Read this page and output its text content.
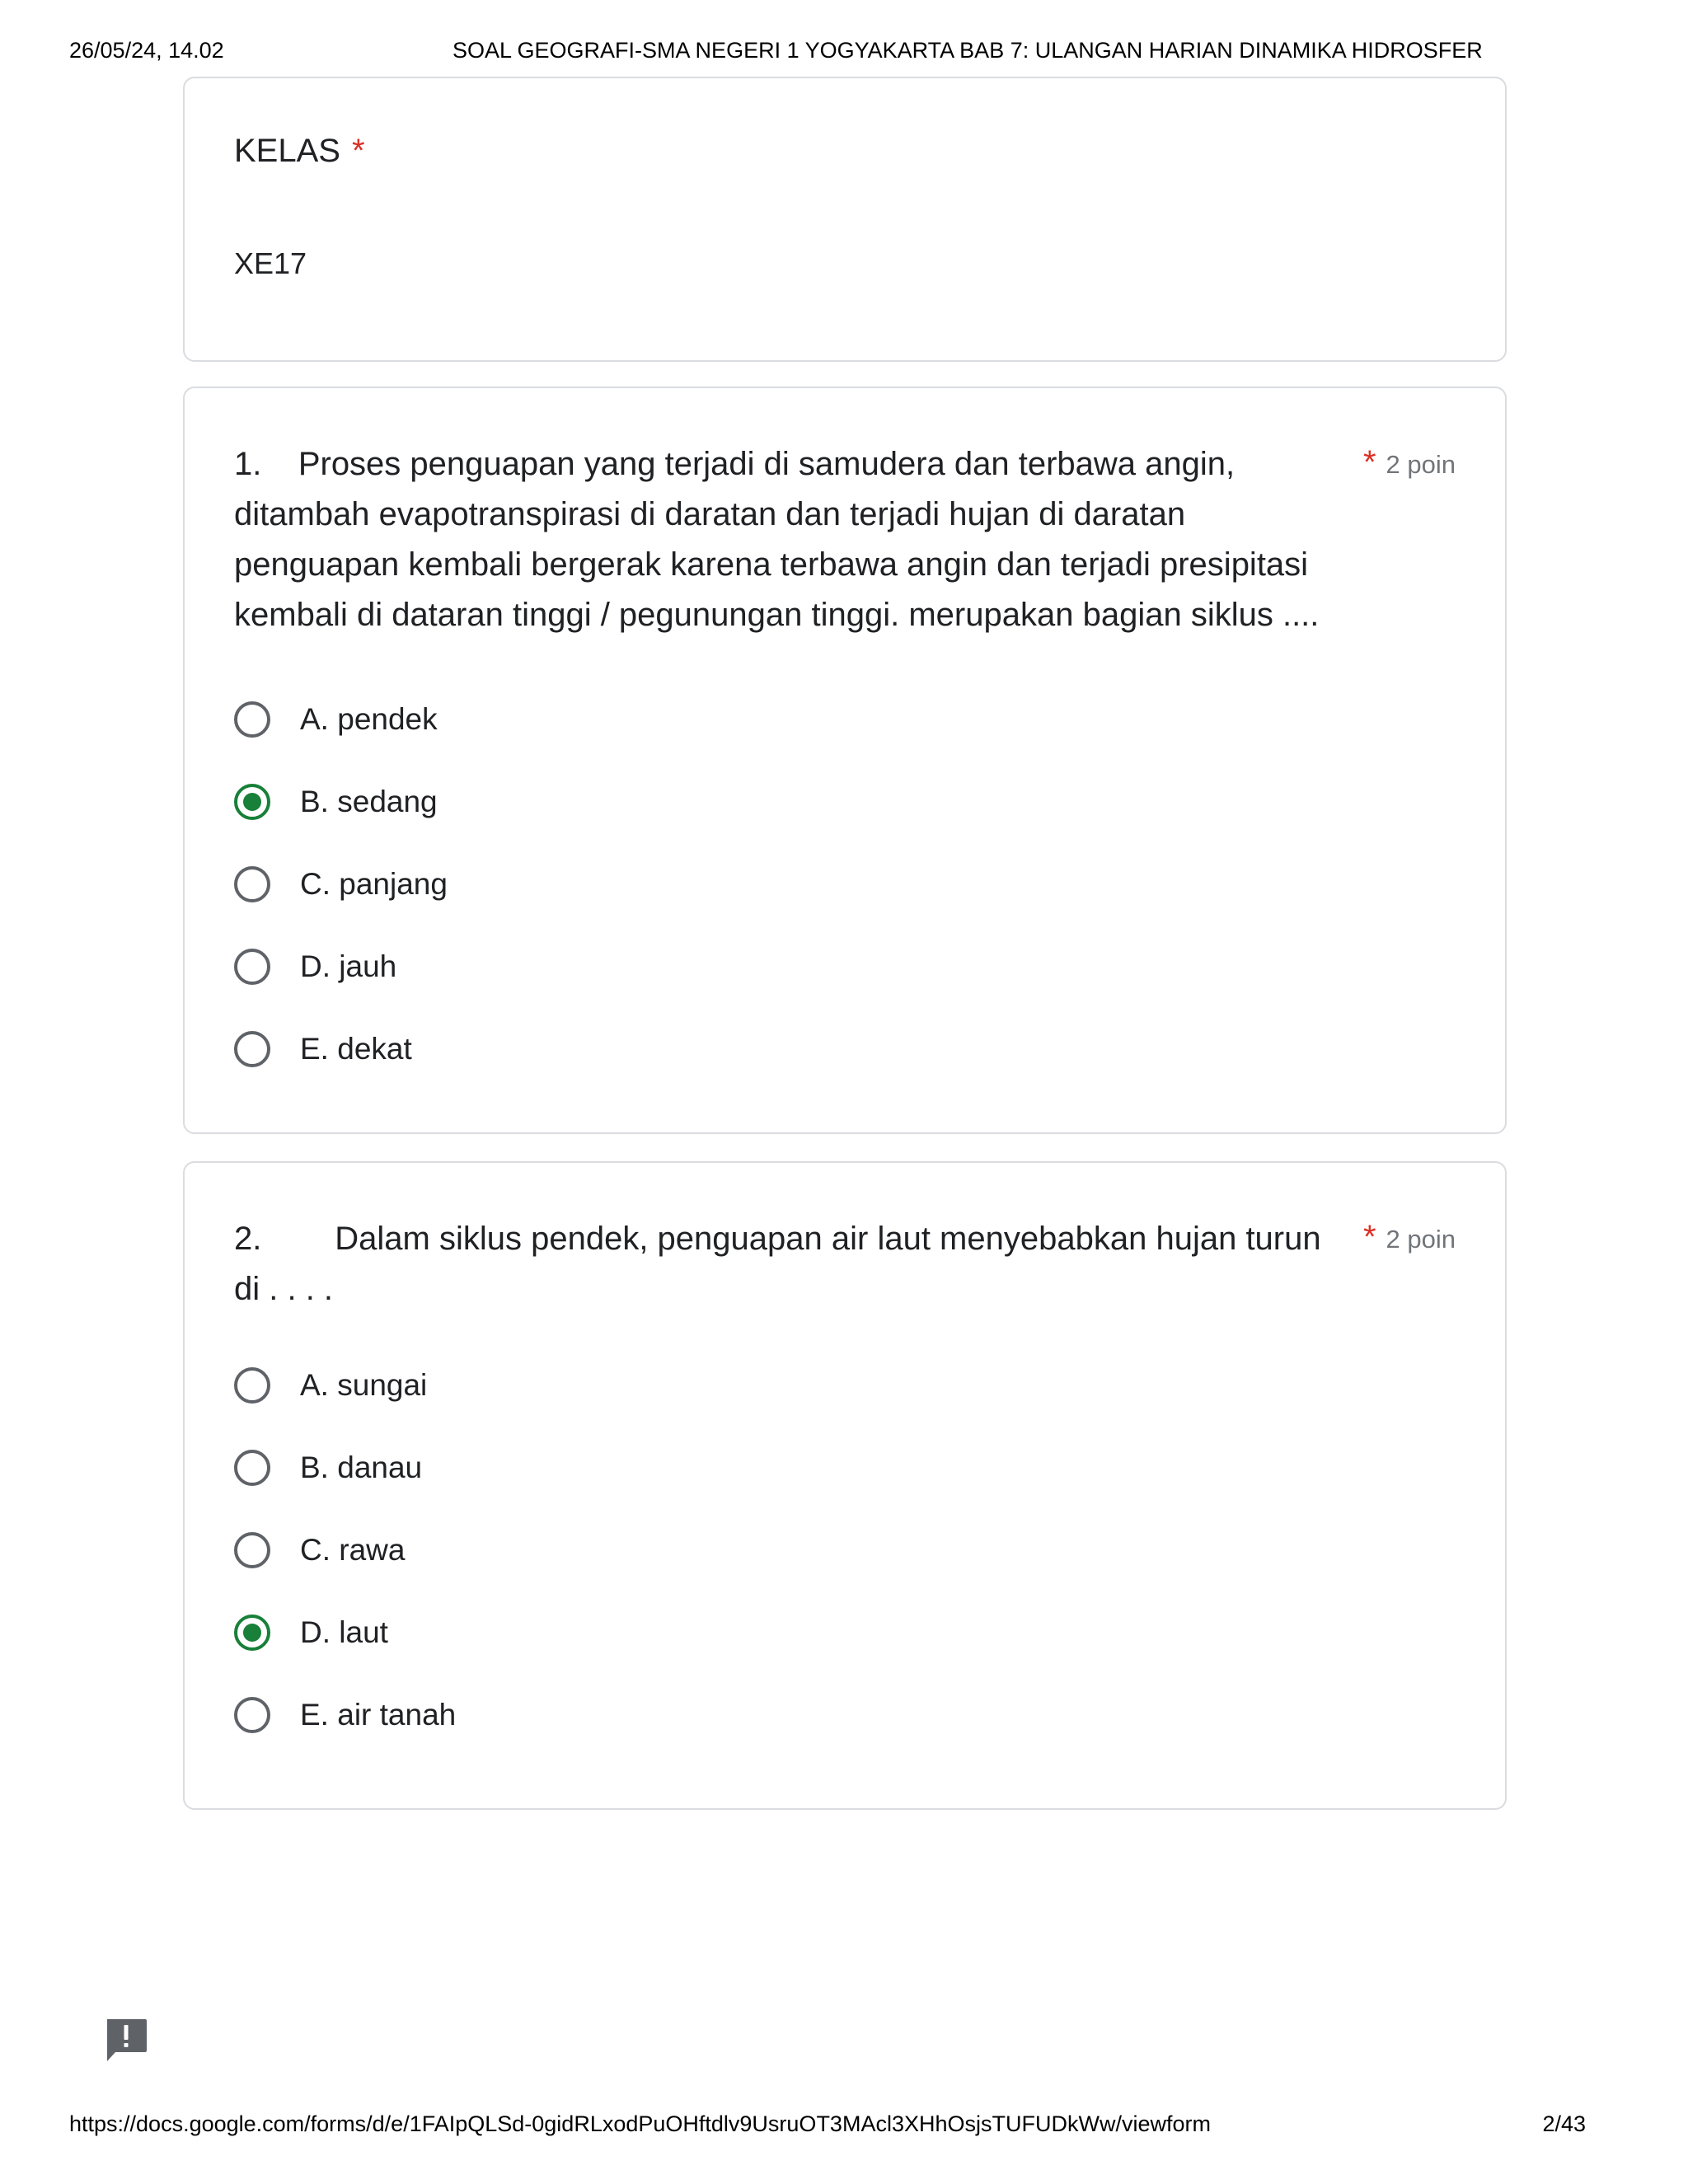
26/05/24, 14.02	SOAL GEOGRAFI-SMA NEGERI 1 YOGYAKARTA BAB 7: ULANGAN HARIAN DINAMIKA HIDROSFER
KELAS *
XE17
1. Proses penguapan yang terjadi di samudera dan terbawa angin, ditambah evapotranspirasi di daratan dan terjadi hujan di daratan penguapan kembali bergerak karena terbawa angin dan terjadi presipitasi kembali di dataran tinggi / pegunungan tinggi. merupakan bagian siklus ....
* 2 poin
A. pendek
B. sedang
C. panjang
D. jauh
E. dekat
2. Dalam siklus pendek, penguapan air laut menyebabkan hujan turun di . . . .
* 2 poin
A. sungai
B. danau
C. rawa
D. laut
E. air tanah
https://docs.google.com/forms/d/e/1FAIpQLSd-0gidRLxodPuOHftdlv9UsruOT3MAcl3XHhOsjsTUFUDkWw/viewform	2/43
